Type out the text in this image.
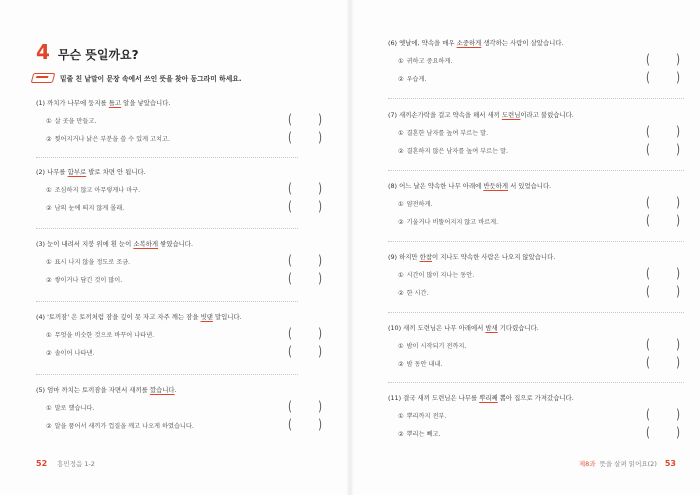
4 무슨 뜻일까요?
밑줄 친 낱말이 문장 속에서 쓰인 뜻을 찾아 동그라미 하세요.
(1) 까치가 나무에 둥지를 틀고 알을 낳았습니다.
① 살 곳을 만들고.	(	)
② 찢어지거나 낡은 부분을 쓸 수 있게 고치고.	(	)
(2) 나무를 함부로 발로 차면 안 됩니다.
① 조심하지 않고 아무렇게나 마구.	(	)
② 남의 눈에 띄지 않게 몰래.	(	)
(3) 눈이 내려서 지붕 위에 흰 눈이 소복하게 쌓였습니다.
① 표시 나지 않을 정도로 조금.	(	)
② 쌓이거나 담긴 것이 많이.	(	)
(4) '토끼잠' 은 토끼처럼 잠을 깊이 못 자고 자주 깨는 잠을 빗댄 말입니다.
① 무엇을 비슷한 것으로 바꾸어 나타낸.	(	)
② 솔이어 나타낸.	(	)
(5) 엄마 까치는 토끼잠을 자면서 새끼를 깠습니다.
① 말로 했습니다.	(	)
② 알을 품어서 새끼가 껍질을 깨고 나오게 하였습니다.	(	)
52 흥민정음 1-2
(6) 옛날에, 약속을 매우 소중하게 생각하는 사람이 살았습니다.
① 귀하고 중요하게.	(	)
② 우습게.	(	)
(7) 새끼손가락을 걸고 약속을 해서 새끼 도련님이라고 불렀습니다.
① 결혼한 남자를 높여 부르는 말.	(	)
② 결혼하지 않은 남자를 높여 부르는 말.	(	)
(8) 어느 날은 약속한 나무 아래에 반듯하게 서 있었습니다.
① 얌전하게.	(	)
② 기울거나 비뚤어지지 않고 바르게.	(	)
(9) 하지만 한참이 지나도 약속한 사람은 나오지 않았습니다.
① 시간이 많이 지나는 동안.	(	)
② 한 시간.	(	)
(10) 새끼 도련님은 나무 아래에서 밤새 기다렸습니다.
① 밤이 시작되기 전까지.	(	)
② 밤 동안 내내.	(	)
(11) 결국 새끼 도련님은 나무를 뿌리째 뽑아 집으로 가져갔습니다.
① 뿌리까지 전부.	(	)
② 뿌리는 빼고.	(	)
제8과 뜻을 살펴 읽어요(2) 53
